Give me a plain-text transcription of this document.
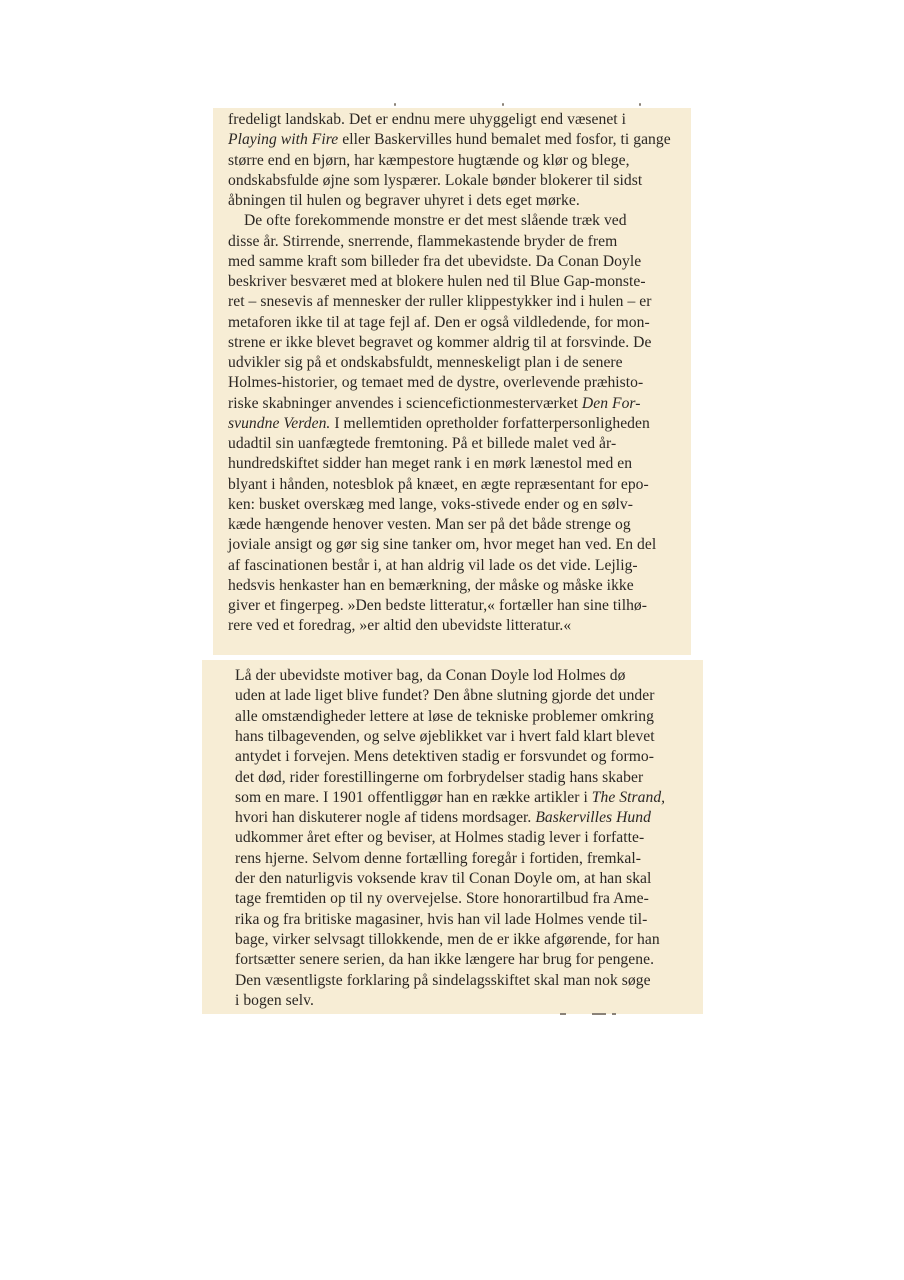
fredeligt landskab. Det er endnu mere uhyggeligt end væsenet i
Playing with Fire eller Baskervilles hund bemalet med fosfor, ti gange
større end en bjørn, har kæmpestore hugtænde og klør og blege,
ondskabsfulde øjne som lyspærer. Lokale bønder blokerer til sidst
åbningen til hulen og begraver uhyret i dets eget mørke.
De ofte forekommende monstre er det mest slående træk ved
disse år. Stirrende, snerrende, flammekastende bryder de frem
med samme kraft som billeder fra det ubevidste. Da Conan Doyle
beskriver besværet med at blokere hulen ned til Blue Gap-monste-
ret – snesevis af mennesker der ruller klippestykker ind i hulen – er
metaforen ikke til at tage fejl af. Den er også vildledende, for mon-
strene er ikke blevet begravet og kommer aldrig til at forsvinde. De
udvikler sig på et ondskabsfuldt, menneskeligt plan i de senere
Holmes-historier, og temaet med de dystre, overlevende præhisto-
riske skabninger anvendes i sciencefictionmesterværket Den For-
svundne Verden. I mellemtiden opretholder forfatterpersonligheden
udadtil sin uanfægtede fremtoning. På et billede malet ved år-
hundredskiftet sidder han meget rank i en mørk lænestol med en
blyant i hånden, notesblok på knæet, en ægte repræsentant for epo-
ken: busket overskæg med lange, voks-stivede ender og en sølv-
kæde hængende henover vesten. Man ser på det både strenge og
joviale ansigt og gør sig sine tanker om, hvor meget han ved. En del
af fascinationen består i, at han aldrig vil lade os det vide. Lejlig-
hedsvis henkaster han en bemærkning, der måske og måske ikke
giver et fingerpeg. »Den bedste litteratur,« fortæller han sine tilhø-
rere ved et foredrag, »er altid den ubevidste litteratur.«
Lå der ubevidste motiver bag, da Conan Doyle lod Holmes dø
uden at lade liget blive fundet? Den åbne slutning gjorde det under
alle omstændigheder lettere at løse de tekniske problemer omkring
hans tilbagevenden, og selve øjeblikket var i hvert fald klart blevet
antydet i forvejen. Mens detektiven stadig er forsvundet og formo-
det død, rider forestillingerne om forbrydelser stadig hans skaber
som en mare. I 1901 offentliggør han en række artikler i The Strand,
hvori han diskuterer nogle af tidens mordsager. Baskervilles Hund
udkommer året efter og beviser, at Holmes stadig lever i forfatte-
rens hjerne. Selvom denne fortælling foregår i fortiden, fremkal-
der den naturligvis voksende krav til Conan Doyle om, at han skal
tage fremtiden op til ny overvejelse. Store honorartilbud fra Ame-
rika og fra britiske magasiner, hvis han vil lade Holmes vende til-
bage, virker selvsagt tillokkende, men de er ikke afgørende, for han
fortsætter senere serien, da han ikke længere har brug for pengene.
Den væsentligste forklaring på sindelagsskiftet skal man nok søge
i bogen selv.
